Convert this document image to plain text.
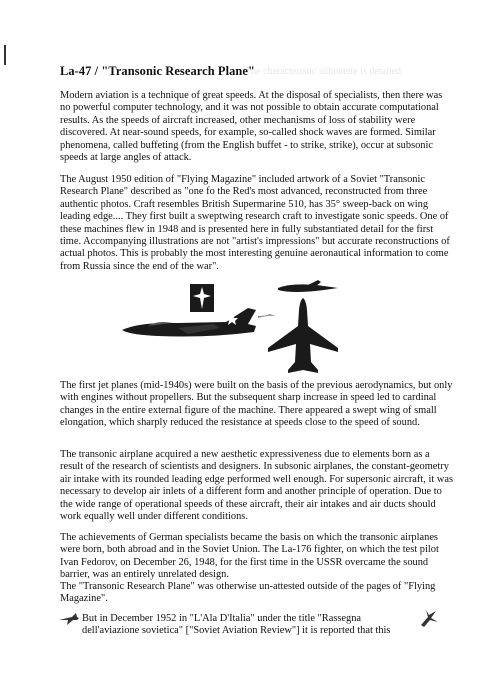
The characteristic silhouette is detailed
La-47 / "Transonic Research Plane"

Modern aviation is a technique of great speeds. At the disposal of specialists, then there was no powerful computer technology, and it was not possible to obtain accurate computational results. As the speeds of aircraft increased, other mechanisms of loss of stability were discovered. At near-sound speeds, for example, so-called shock waves are formed. Similar phenomena, called buffeting (from the English buffet - to strike, strike), occur at subsonic speeds at large angles of attack.

The August 1950 edition of "Flying Magazine" included artwork of a Soviet "Transonic Research Plane" described as "one fo the Red's most advanced, reconstructed from three authentic photos. Craft resembles British Supermarine 510, has 35° sweep-back on wing leading edge.... They first built a sweptwing research craft to investigate sonic speeds. One of these machines flew in 1948 and is presented here in fully substantiated detail for the first time. Accompanying illustrations are not "artist's impressions" but accurate reconstructions of actual photos. This is probably the most interesting genuine aeronautical information to come from Russia since the end of the war".

The first jet planes (mid-1940s) were built on the basis of the previous aerodynamics, but only with engines without propellers. But the subsequent sharp increase in speed led to cardinal changes in the entire external figure of the machine. There appeared a swept wing of small elongation, which sharply reduced the resistance at speeds close to the speed of sound.

The transonic airplane acquired a new aesthetic expressiveness due to elements born as a result of the research of scientists and designers. In subsonic airplanes, the constant-geometry air intake with its rounded leading edge performed well enough. For supersonic aircraft, it was necessary to develop air inlets of a different form and another principle of operation. Due to the wide range of operational speeds of these aircraft, their air intakes and air ducts should work equally well under different conditions.

The achievements of German specialists became the basis on which the transonic airplanes were born, both abroad and in the Soviet Union. The La-176 fighter, on which the test pilot Ivan Fedorov, on December 26, 1948, for the first time in the USSR overcame the sound barrier, was an entirely unrelated design.

The "Transonic Research Plane" was otherwise un-attested outside of the pages of "Flying Magazine".

But in December 1952 in "L'Ala D'Italia" under the title "Rassegna dell'aviazione sovietica" ["Soviet Aviation Review"] it is reported that this
